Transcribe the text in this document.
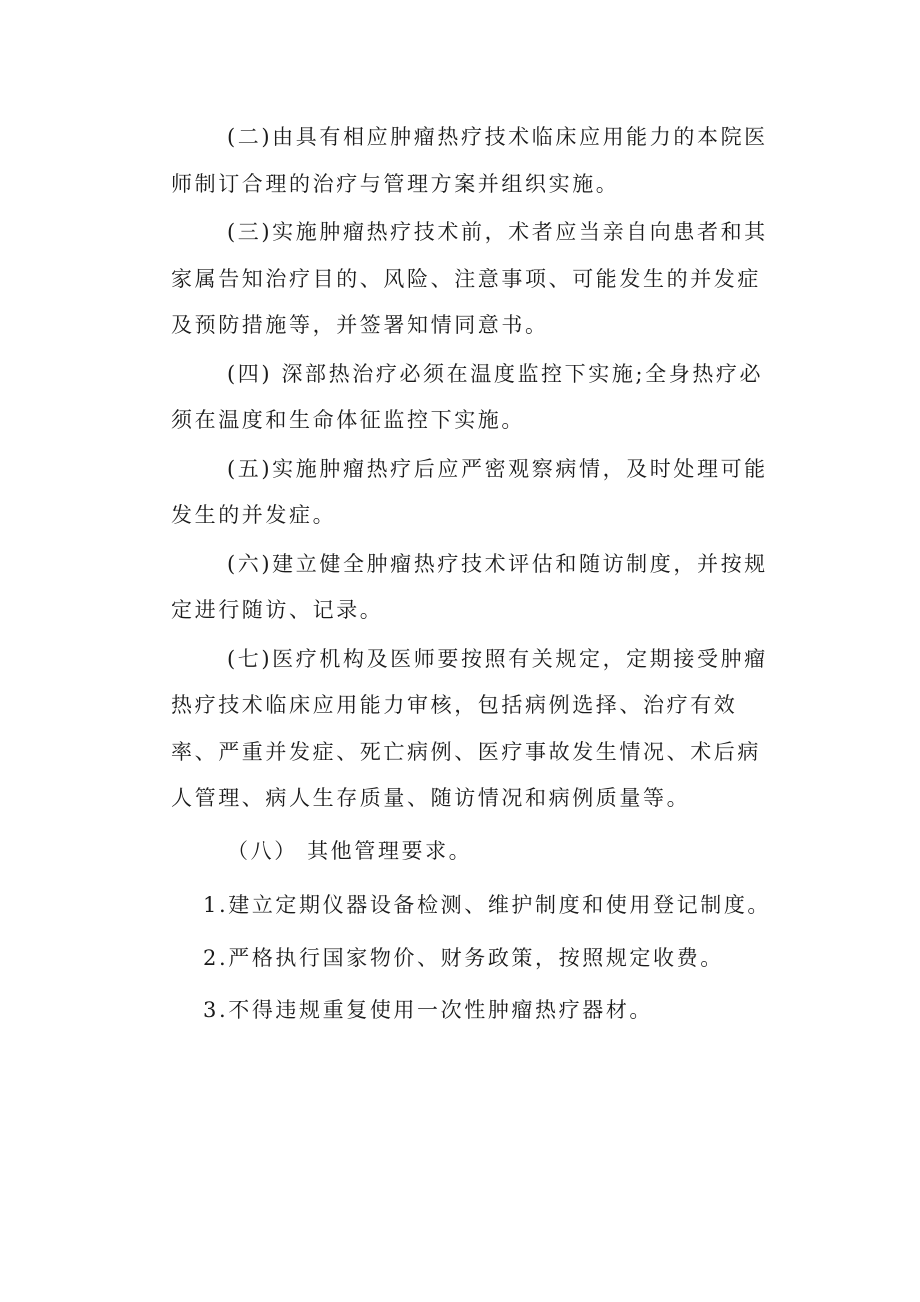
(二)由具有相应肿瘤热疗技术临床应用能力的本院医师制订合理的治疗与管理方案并组织实施。

(三)实施肿瘤热疗技术前，术者应当亲自向患者和其家属告知治疗目的、风险、注意事项、可能发生的并发症及预防措施等，并签署知情同意书。

(四) 深部热治疗必须在温度监控下实施;全身热疗必须在温度和生命体征监控下实施。

(五)实施肿瘤热疗后应严密观察病情，及时处理可能发生的并发症。

(六)建立健全肿瘤热疗技术评估和随访制度，并按规定进行随访、记录。

(七)医疗机构及医师要按照有关规定，定期接受肿瘤热疗技术临床应用能力审核，包括病例选择、治疗有效率、严重并发症、死亡病例、医疗事故发生情况、术后病人管理、病人生存质量、随访情况和病例质量等。

（八） 其他管理要求。

1.建立定期仪器设备检测、维护制度和使用登记制度。

2.严格执行国家物价、财务政策，按照规定收费。

3.不得违规重复使用一次性肿瘤热疗器材。
